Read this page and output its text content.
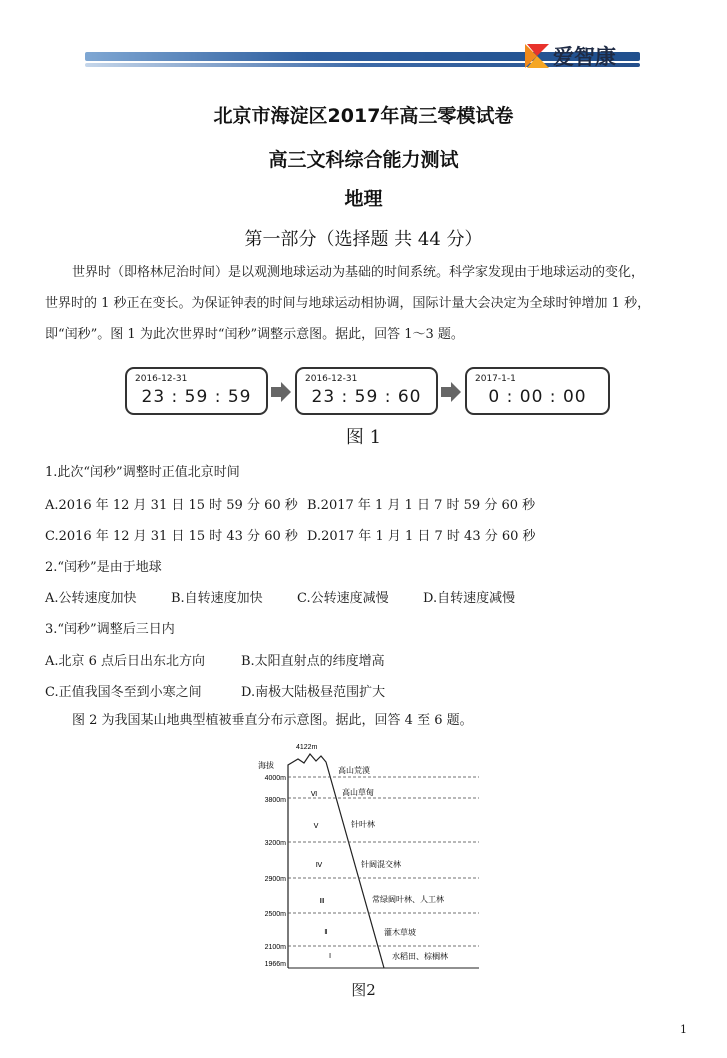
爱智康
北京市海淀区2017年高三零模试卷
高三文科综合能力测试
地理
第一部分（选择题 共 44 分）
世界时（即格林尼治时间）是以观测地球运动为基础的时间系统。科学家发现由于地球运动的变化，
世界时的 1 秒正在变长。为保证钟表的时间与地球运动相协调，国际计量大会决定为全球时钟增加 1 秒，
即“闰秒”。图 1 为此次世界时“闰秒”调整示意图。据此，回答 1～3 题。
2016-12-31
23 : 59 : 59
2016-12-31
23 : 59 : 60
2017-1-1
0 : 00 : 00
图 1
1.此次“闰秒”调整时正值北京时间
A.2016 年 12 月 31 日 15 时 59 分 60 秒 B.2017 年 1 月 1 日 7 时 59 分 60 秒
C.2016 年 12 月 31 日 15 时 43 分 60 秒 D.2017 年 1 月 1 日 7 时 43 分 60 秒
2.“闰秒”是由于地球
A.公转速度加快	B.自转速度加快	C.公转速度减慢	D.自转速度减慢
3.“闰秒”调整后三日内
A.北京 6 点后日出东北方向	B.太阳直射点的纬度增高
C.正值我国冬至到小寒之间	D.南极大陆极昼范围扩大
图 2 为我国某山地典型植被垂直分布示意图。据此，回答 4 至 6 题。
4122m
海拔
4000m
3800m
3200m
2900m
2500m
2100m
1966m
Ⅵ
Ⅴ
Ⅳ
Ⅲ
Ⅱ
Ⅰ
高山荒漠
高山草甸
针叶林
针阔混交林
常绿阔叶林、人工林
灌木草坡
水稻田、棕榈林
图2
1
